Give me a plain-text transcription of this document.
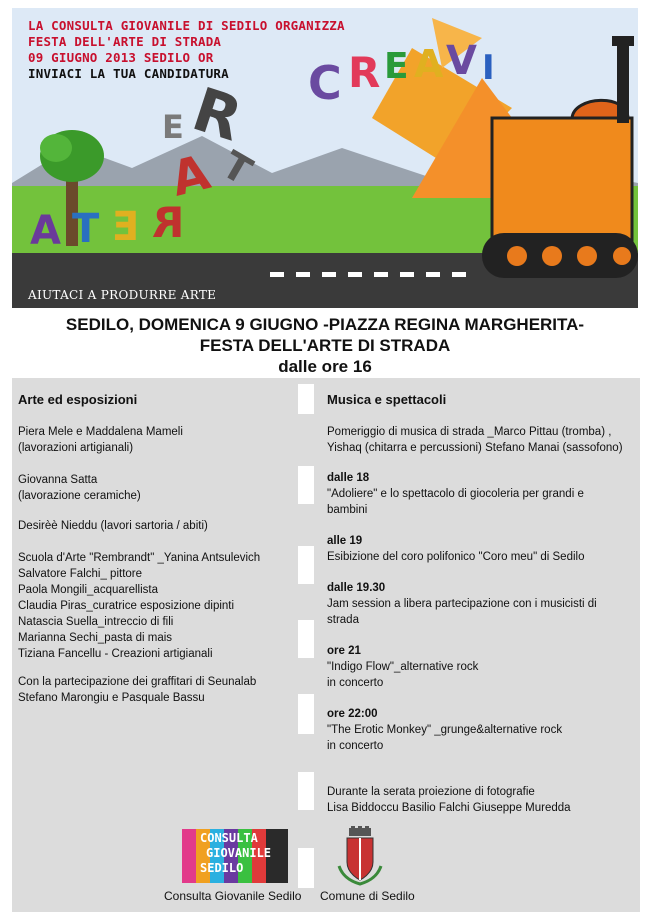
E R
A T
C R E A V I
A T E R
LA CONSULTA GIOVANILE DI SEDILO ORGANIZZA
FESTA DELL'ARTE DI STRADA
09 GIUGNO 2013 SEDILO OR
INVIACI LA TUA CANDIDATURA
AIUTACI A PRODURRE ARTE
SEDILO, DOMENICA 9 GIUGNO -PIAZZA REGINA MARGHERITA-
FESTA DELL'ARTE DI STRADA
dalle ore 16
Arte ed esposizioni
Piera Mele e Maddalena Mameli
(lavorazioni artigianali)
Giovanna Satta
(lavorazione ceramiche)
Desirèè Nieddu (lavori sartoria / abiti)
Scuola d'Arte "Rembrandt" _Yanina Antsulevich
Salvatore Falchi_ pittore
Paola Mongili_acquarellista
Claudia Piras_curatrice esposizione dipinti
Natascia Suella_intreccio di fili
Marianna Sechi_pasta di mais
Tiziana Fancellu - Creazioni artigianali
Con la partecipazione dei graffitari di Seunalab
Stefano Marongiu e Pasquale Bassu
Musica e spettacoli
Pomeriggio di musica di strada _Marco Pittau (tromba) ,
Yishaq (chitarra e percussioni) Stefano Manai (sassofono)
dalle 18
"Adoliere" e lo spettacolo di giocoleria per grandi e
bambini
alle 19
Esibizione del coro polifonico "Coro meu" di Sedilo
dalle 19.30
Jam session a libera partecipazione con i musicisti di
strada
ore 21
"Indigo Flow"_alternative rock
in concerto
ore 22:00
"The Erotic Monkey" _grunge&alternative rock
in concerto
Durante la serata proiezione di fotografie
Lisa Biddoccu Basilio Falchi Giuseppe Muredda
CONSULTA
GIOVANILE
SEDILO
Consulta Giovanile Sedilo Comune di Sedilo
